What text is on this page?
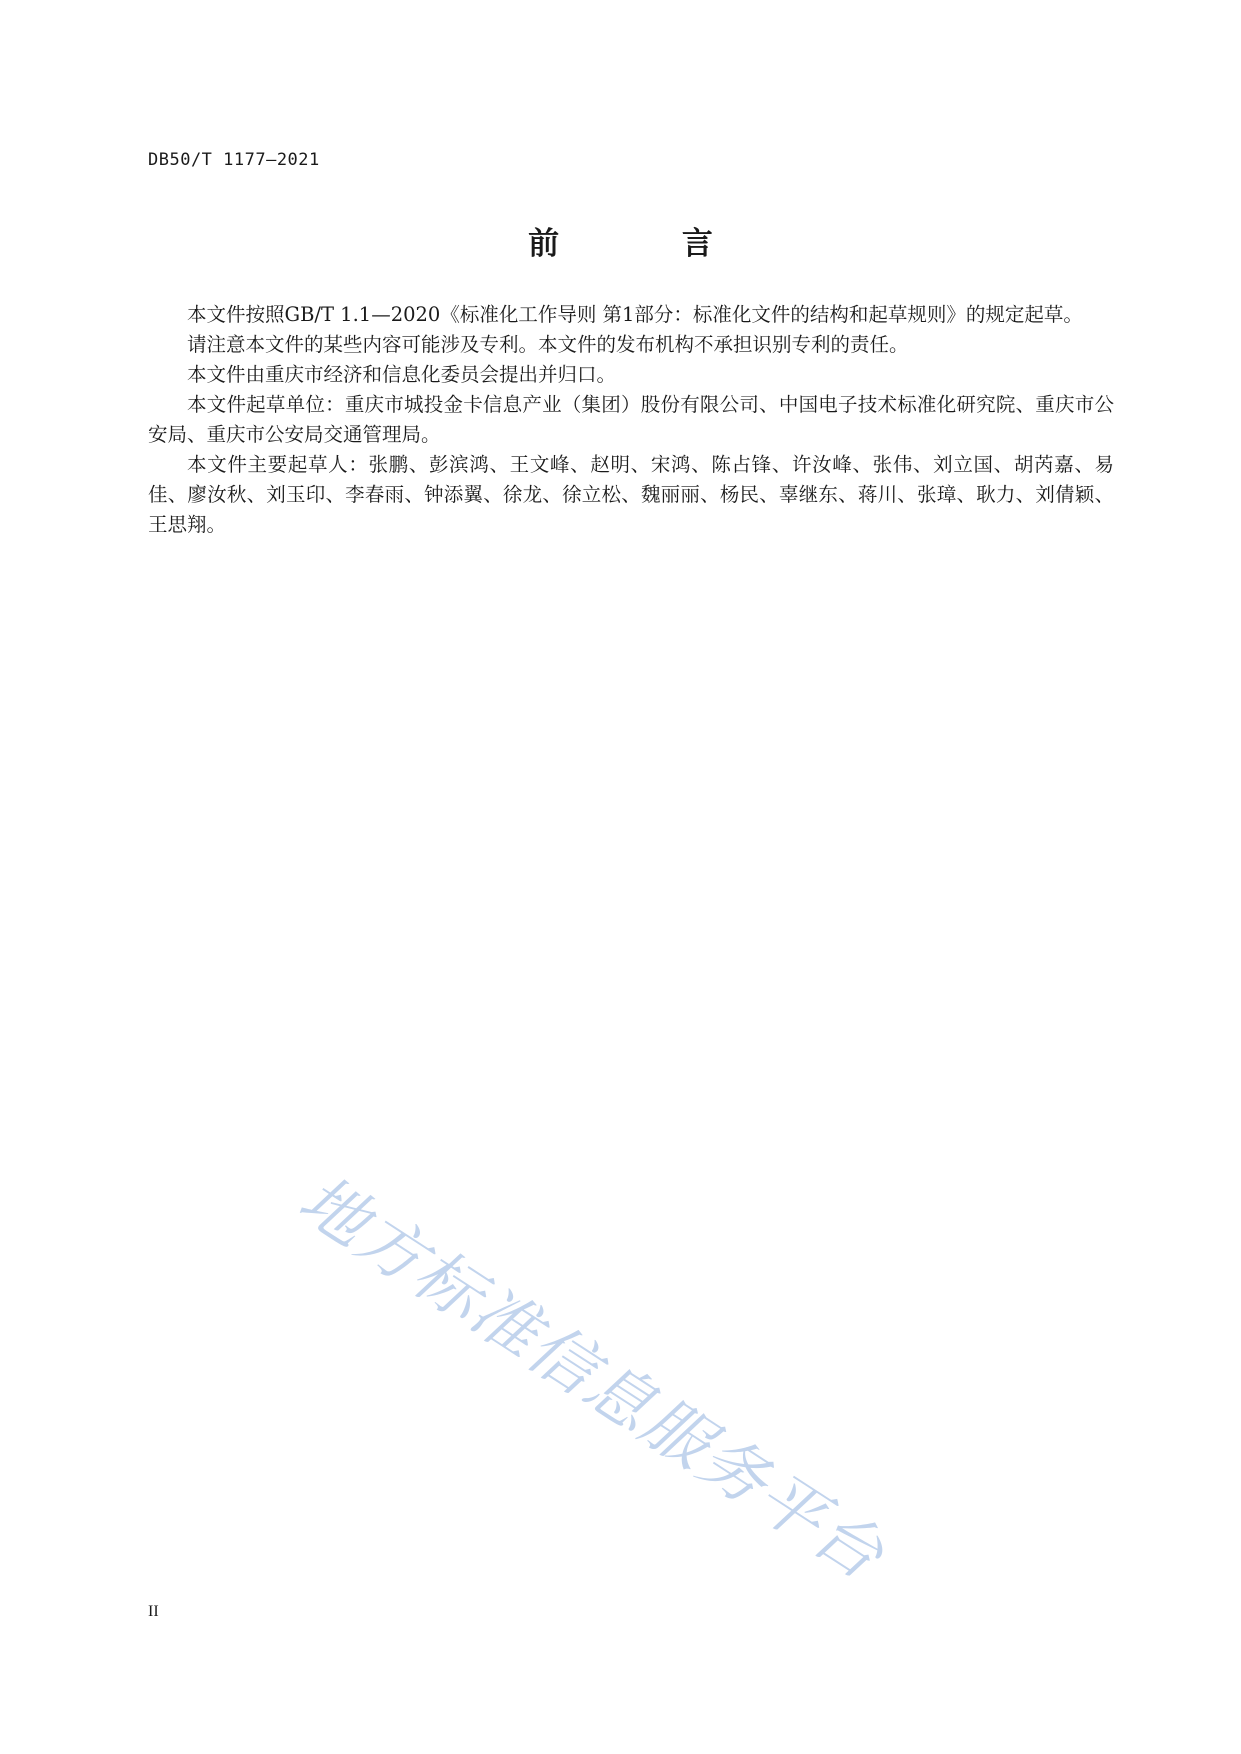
DB50/T 1177—2021
前 言

本文件按照GB/T 1.1—2020《标准化工作导则 第1部分：标准化文件的结构和起草规则》的规定起草。

请注意本文件的某些内容可能涉及专利。本文件的发布机构不承担识别专利的责任。

本文件由重庆市经济和信息化委员会提出并归口。

本文件起草单位：重庆市城投金卡信息产业（集团）股份有限公司、中国电子技术标准化研究院、重庆市公安局、重庆市公安局交通管理局。

本文件主要起草人：张鹏、彭滨鸿、王文峰、赵明、宋鸿、陈占锋、许汝峰、张伟、刘立国、胡芮嘉、易佳、廖汝秋、刘玉印、李春雨、钟添翼、徐龙、徐立松、魏丽丽、杨民、辜继东、蒋川、张璋、耿力、刘倩颖、王思翔。

地方标准信息服务平台
II
